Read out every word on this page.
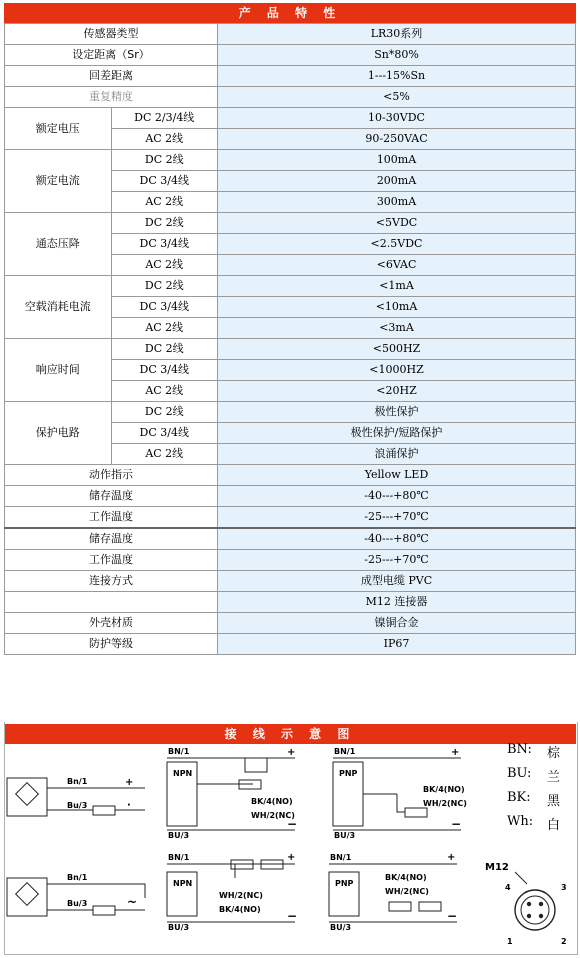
产 品 特 性
传感器类型		LR30系列
设定距离（Sr）		Sn*80%
回差距离		1---15%Sn
重复精度		<5%
额定电压	DC 2/3/4线	10-30VDC
	AC 2线	90-250VAC
额定电流	DC 2线	100mA
	DC 3/4线	200mA
	AC 2线	300mA
通态压降	DC 2线	<5VDC
	DC 3/4线	<2.5VDC
	AC 2线	<6VAC
空载消耗电流	DC 2线	<1mA
	DC 3/4线	<10mA
	AC 2线	<3mA
响应时间	DC 2线	<500HZ
	DC 3/4线	<1000HZ
	AC 2线	<20HZ
保护电路	DC 2线	极性保护
	DC 3/4线	极性保护/短路保护
	AC 2线	浪涌保护
动作指示		Yellow LED
储存温度		-40---+80℃
工作温度		-25---+70℃
储存温度		-40---+80℃
工作温度		-25---+70℃
连接方式		成型电缆 PVC
		M12 连接器
外壳材质		镍铜合金
防护等级		IP67
接 线 示 意 图
Bn/1
Bu/3
+
·
Bn/1
Bu/3	~
BN/1
BU/3
NPN
BK/4(NO)
WH/2(NC)
+
−
BN/1
BU/3
PNP
BK/4(NO)
WH/2(NC)
+
−
BN/1
BU/3
NPN
WH/2(NC)
BK/4(NO)
+
−
BN/1
BU/3
PNP
BK/4(NO)
WH/2(NC)
+
−
M12
4	3
1	2
BN: 棕
BU: 兰
BK: 黑
Wh: 白
